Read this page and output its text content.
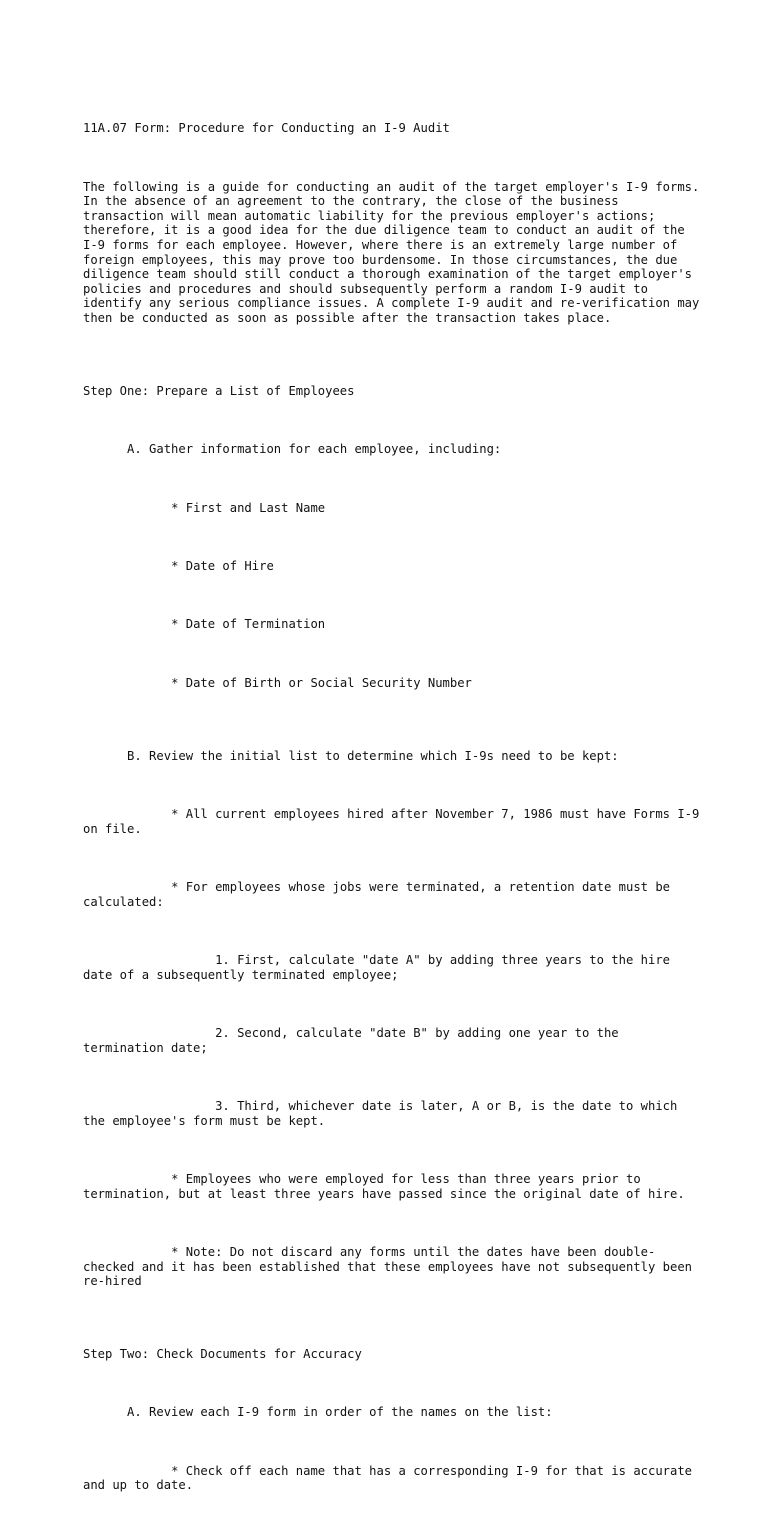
11A.07 Form: Procedure for Conducting an I-9 Audit

The following is a guide for conducting an audit of the target employer's I-9 forms. In the absence of an agreement to the contrary, the close of the business transaction will mean automatic liability for the previous employer's actions; therefore, it is a good idea for the due diligence team to conduct an audit of the I-9 forms for each employee. However, where there is an extremely large number of foreign employees, this may prove too burdensome. In those circumstances, the due diligence team should still conduct a thorough examination of the target employer's policies and procedures and should subsequently perform a random I-9 audit to identify any serious compliance issues. A complete I-9 audit and re-verification may then be conducted as soon as possible after the transaction takes place.

Step One: Prepare a List of Employees

A. Gather information for each employee, including:

* First and Last Name

* Date of Hire

* Date of Termination

* Date of Birth or Social Security Number

B. Review the initial list to determine which I-9s need to be kept:

* All current employees hired after November 7, 1986 must have Forms I-9 on file.

* For employees whose jobs were terminated, a retention date must be calculated:

1. First, calculate "date A" by adding three years to the hire date of a subsequently terminated employee;

2. Second, calculate "date B" by adding one year to the termination date;

3. Third, whichever date is later, A or B, is the date to which the employee's form must be kept.

* Employees who were employed for less than three years prior to termination, but at least three years have passed since the original date of hire.

* Note: Do not discard any forms until the dates have been double-checked and it has been established that these employees have not subsequently been re-hired

Step Two: Check Documents for Accuracy

A. Review each I-9 form in order of the names on the list:

* Check off each name that has a corresponding I-9 for that is accurate and up to date.
